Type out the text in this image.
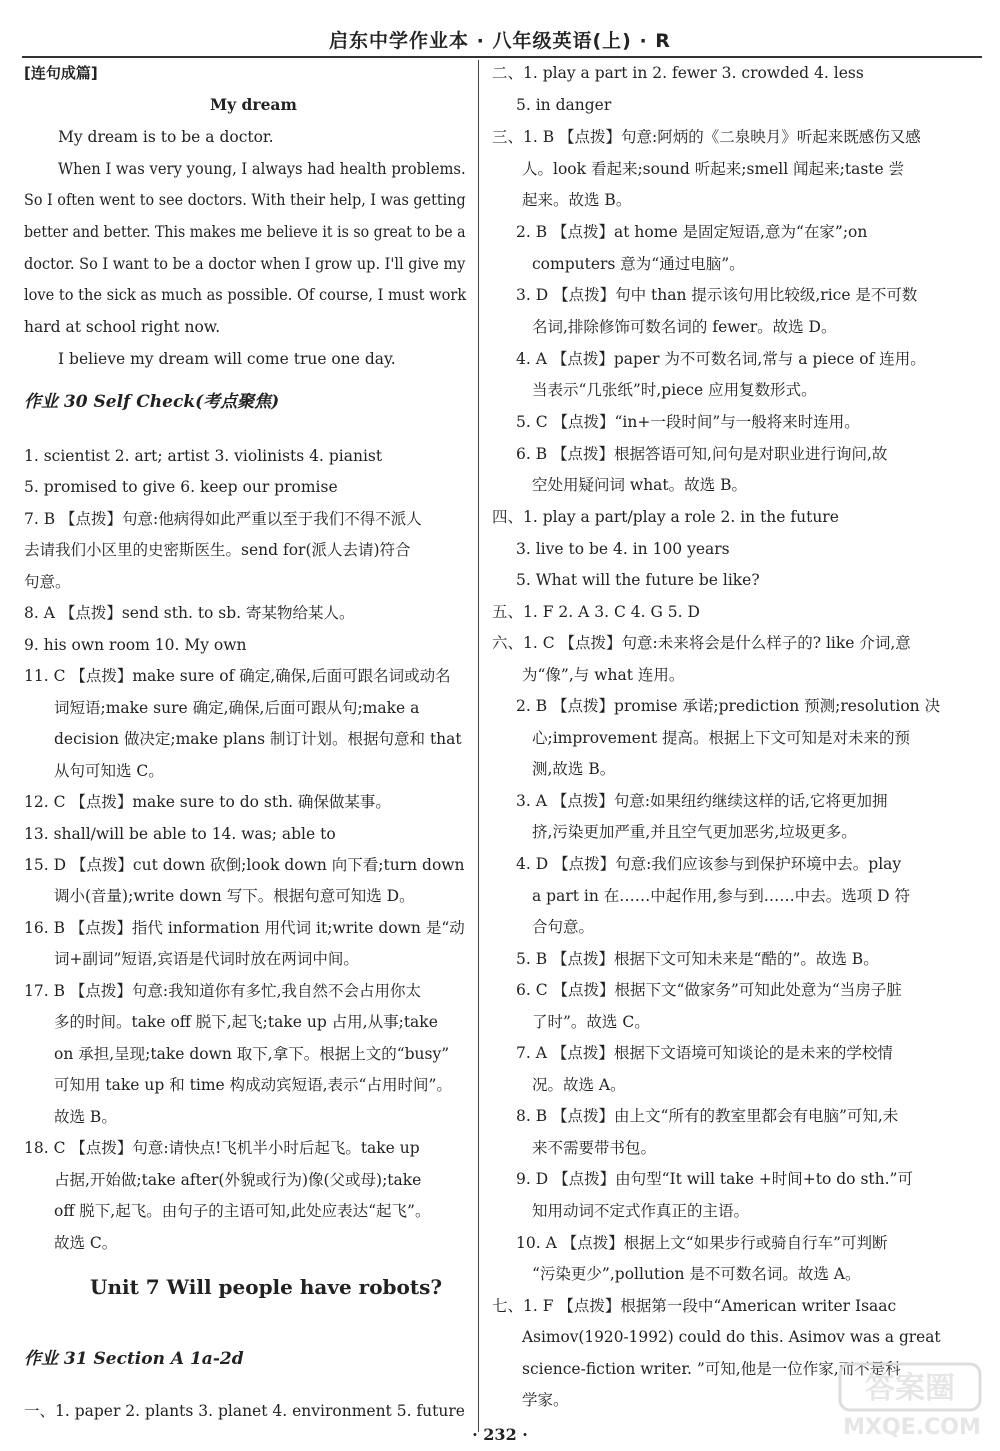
启东中学作业本 · 八年级英语(上) · R
[连句成篇]
My dream
My dream is to be a doctor.
When I was very young, I always had health problems.
So I often went to see doctors. With their help, I was getting
better and better. This makes me believe it is so great to be a
doctor. So I want to be a doctor when I grow up. I'll give my
love to the sick as much as possible. Of course, I must work
hard at school right now.
I believe my dream will come true one day.
作业 30 Self Check(考点聚焦)
1. scientist 2. art; artist 3. violinists 4. pianist
5. promised to give 6. keep our promise
7. B 【点拨】句意:他病得如此严重以至于我们不得不派人
去请我们小区里的史密斯医生。send for(派人去请)符合
句意。
8. A 【点拨】send sth. to sb. 寄某物给某人。
9. his own room 10. My own
11. C 【点拨】make sure of 确定,确保,后面可跟名词或动名
词短语;make sure 确定,确保,后面可跟从句;make a
decision 做决定;make plans 制订计划。根据句意和 that
从句可知选 C。
12. C 【点拨】make sure to do sth. 确保做某事。
13. shall/will be able to 14. was; able to
15. D 【点拨】cut down 砍倒;look down 向下看;turn down
调小(音量);write down 写下。根据句意可知选 D。
16. B 【点拨】指代 information 用代词 it;write down 是“动
词+副词”短语,宾语是代词时放在两词中间。
17. B 【点拨】句意:我知道你有多忙,我自然不会占用你太
多的时间。take off 脱下,起飞;take up 占用,从事;take
on 承担,呈现;take down 取下,拿下。根据上文的“busy”
可知用 take up 和 time 构成动宾短语,表示“占用时间”。
故选 B。
18. C 【点拨】句意:请快点!飞机半小时后起飞。take up
占据,开始做;take after(外貌或行为)像(父或母);take
off 脱下,起飞。由句子的主语可知,此处应表达“起飞”。
故选 C。
Unit 7 Will people have robots?
作业 31 Section A 1a-2d
一、1. paper 2. plants 3. planet 4. environment 5. future
二、1. play a part in 2. fewer 3. crowded 4. less
5. in danger
三、1. B 【点拨】句意:阿炳的《二泉映月》听起来既感伤又感
人。look 看起来;sound 听起来;smell 闻起来;taste 尝
起来。故选 B。
2. B 【点拨】at home 是固定短语,意为“在家”;on
computers 意为“通过电脑”。
3. D 【点拨】句中 than 提示该句用比较级,rice 是不可数
名词,排除修饰可数名词的 fewer。故选 D。
4. A 【点拨】paper 为不可数名词,常与 a piece of 连用。
当表示“几张纸”时,piece 应用复数形式。
5. C 【点拨】“in+一段时间”与一般将来时连用。
6. B 【点拨】根据答语可知,问句是对职业进行询问,故
空处用疑问词 what。故选 B。
四、1. play a part/play a role 2. in the future
3. live to be 4. in 100 years
5. What will the future be like?
五、1. F 2. A 3. C 4. G 5. D
六、1. C 【点拨】句意:未来将会是什么样子的? like 介词,意
为“像”,与 what 连用。
2. B 【点拨】promise 承诺;prediction 预测;resolution 决
心;improvement 提高。根据上下文可知是对未来的预
测,故选 B。
3. A 【点拨】句意:如果纽约继续这样的话,它将更加拥
挤,污染更加严重,并且空气更加恶劣,垃圾更多。
4. D 【点拨】句意:我们应该参与到保护环境中去。play
a part in 在……中起作用,参与到……中去。选项 D 符
合句意。
5. B 【点拨】根据下文可知未来是“酷的”。故选 B。
6. C 【点拨】根据下文“做家务”可知此处意为“当房子脏
了时”。故选 C。
7. A 【点拨】根据下文语境可知谈论的是未来的学校情
况。故选 A。
8. B 【点拨】由上文“所有的教室里都会有电脑”可知,未
来不需要带书包。
9. D 【点拨】由句型“It will take +时间+to do sth.”可
知用动词不定式作真正的主语。
10. A 【点拨】根据上文“如果步行或骑自行车”可判断
“污染更少”,pollution 是不可数名词。故选 A。
七、1. F 【点拨】根据第一段中“American writer Isaac
Asimov(1920-1992) could do this. Asimov was a great
science-fiction writer. ”可知,他是一位作家,而不是科
学家。
· 232 ·
答案圈
MXQE.COM
